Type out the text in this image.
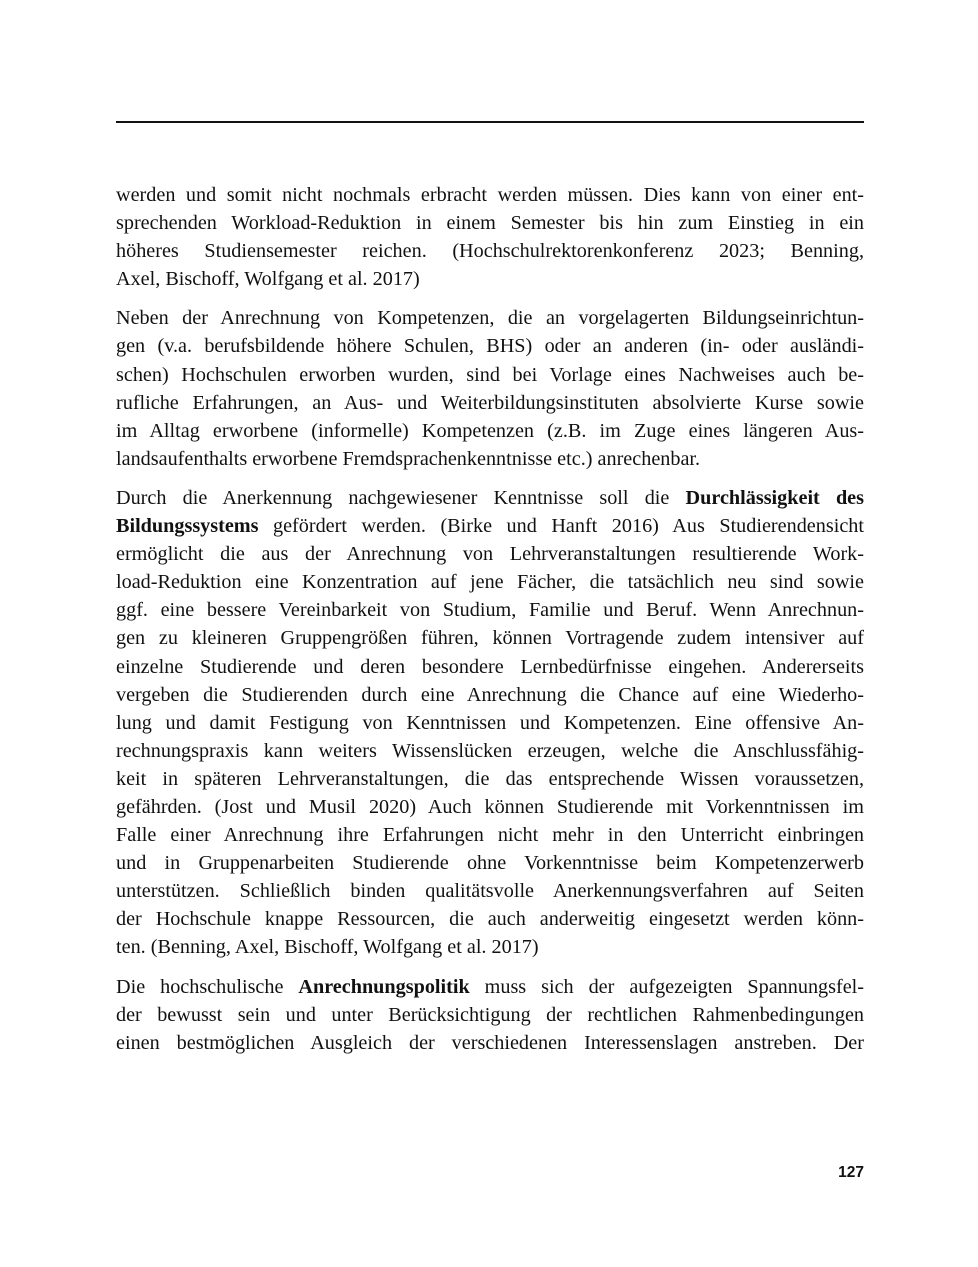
werden und somit nicht nochmals erbracht werden müssen. Dies kann von einer ent-
sprechenden Workload-Reduktion in einem Semester bis hin zum Einstieg in ein
höheres Studiensemester reichen. (Hochschulrektorenkonferenz 2023; Benning,
Axel, Bischoff, Wolfgang et al. 2017)

Neben der Anrechnung von Kompetenzen, die an vorgelagerten Bildungseinrichtun-
gen (v.a. berufsbildende höhere Schulen, BHS) oder an anderen (in- oder ausländi-
schen) Hochschulen erworben wurden, sind bei Vorlage eines Nachweises auch be-
rufliche Erfahrungen, an Aus- und Weiterbildungsinstituten absolvierte Kurse sowie
im Alltag erworbene (informelle) Kompetenzen (z.B. im Zuge eines längeren Aus-
landsaufenthalts erworbene Fremdsprachenkenntnisse etc.) anrechenbar.

Durch die Anerkennung nachgewiesener Kenntnisse soll die Durchlässigkeit des
Bildungssystems gefördert werden. (Birke und Hanft 2016) Aus Studierendensicht
ermöglicht die aus der Anrechnung von Lehrveranstaltungen resultierende Work-
load-Reduktion eine Konzentration auf jene Fächer, die tatsächlich neu sind sowie
ggf. eine bessere Vereinbarkeit von Studium, Familie und Beruf. Wenn Anrechnun-
gen zu kleineren Gruppengrößen führen, können Vortragende zudem intensiver auf
einzelne Studierende und deren besondere Lernbedürfnisse eingehen. Andererseits
vergeben die Studierenden durch eine Anrechnung die Chance auf eine Wiederho-
lung und damit Festigung von Kenntnissen und Kompetenzen. Eine offensive An-
rechnungspraxis kann weiters Wissenslücken erzeugen, welche die Anschlussfähig-
keit in späteren Lehrveranstaltungen, die das entsprechende Wissen voraussetzen,
gefährden. (Jost und Musil 2020) Auch können Studierende mit Vorkenntnissen im
Falle einer Anrechnung ihre Erfahrungen nicht mehr in den Unterricht einbringen
und in Gruppenarbeiten Studierende ohne Vorkenntnisse beim Kompetenzerwerb
unterstützen. Schließlich binden qualitätsvolle Anerkennungsverfahren auf Seiten
der Hochschule knappe Ressourcen, die auch anderweitig eingesetzt werden könn-
ten. (Benning, Axel, Bischoff, Wolfgang et al. 2017)

Die hochschulische Anrechnungspolitik muss sich der aufgezeigten Spannungsfel-
der bewusst sein und unter Berücksichtigung der rechtlichen Rahmenbedingungen
einen bestmöglichen Ausgleich der verschiedenen Interessenslagen anstreben. Der

127
